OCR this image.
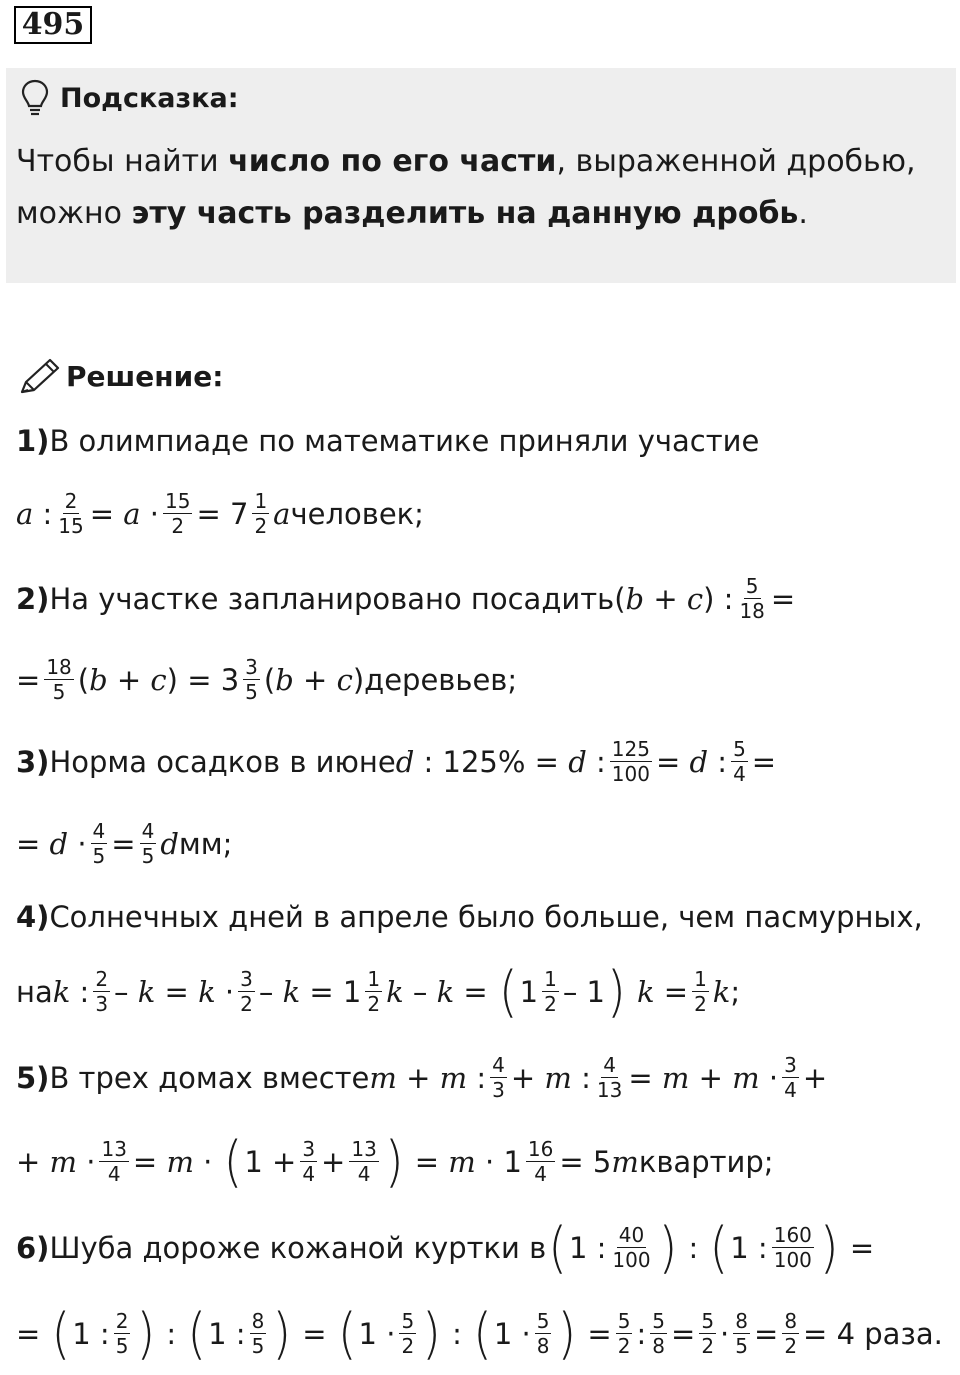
495
Подсказка:
Чтобы найти число по его части, выраженной дробью,
можно эту часть разделить на данную дробь.
Решение:
1) В олимпиаде по математике приняли участие
a : 2
15 = a · 15
2 = 7 1
2 a человек;
2) На участке запланировано посадить ( b + c ) : 5
18 =
= 18
5 ( b + c ) = 3 3
5 ( b + c ) деревьев;
3) Норма осадков в июне d : 125% = d : 125
100 = d : 5
4 =
= d · 4
5 = 4
5 d мм;
4) Солнечных дней в апреле было больше, чем пасмурных,
на k : 2
3 – k = k · 3
2 – k = 1 1
2 k – k = ( 1 1
2 – 1 )
k = 1
2 k ;
5) В трех домах вместе m + m : 4
3 + m : 4
13 = m + m · 3
4 +
+ m · 13
4 = m · ( 1 + 3
4 + 13
4 ) = m · 1 16
4 = 5 m квартир;
6) Шуба дороже кожаной куртки в ( 1 : 40
100 ) : ( 1 : 160
100 ) =
= ( 1 : 2
5 ) : ( 1 : 8
5 ) = ( 1 · 5
2 ) : ( 1 · 5
8 ) = 5
2 : 5
8 = 5
2 · 8
$5 = \frac{8}{2} = 4$ раза.
